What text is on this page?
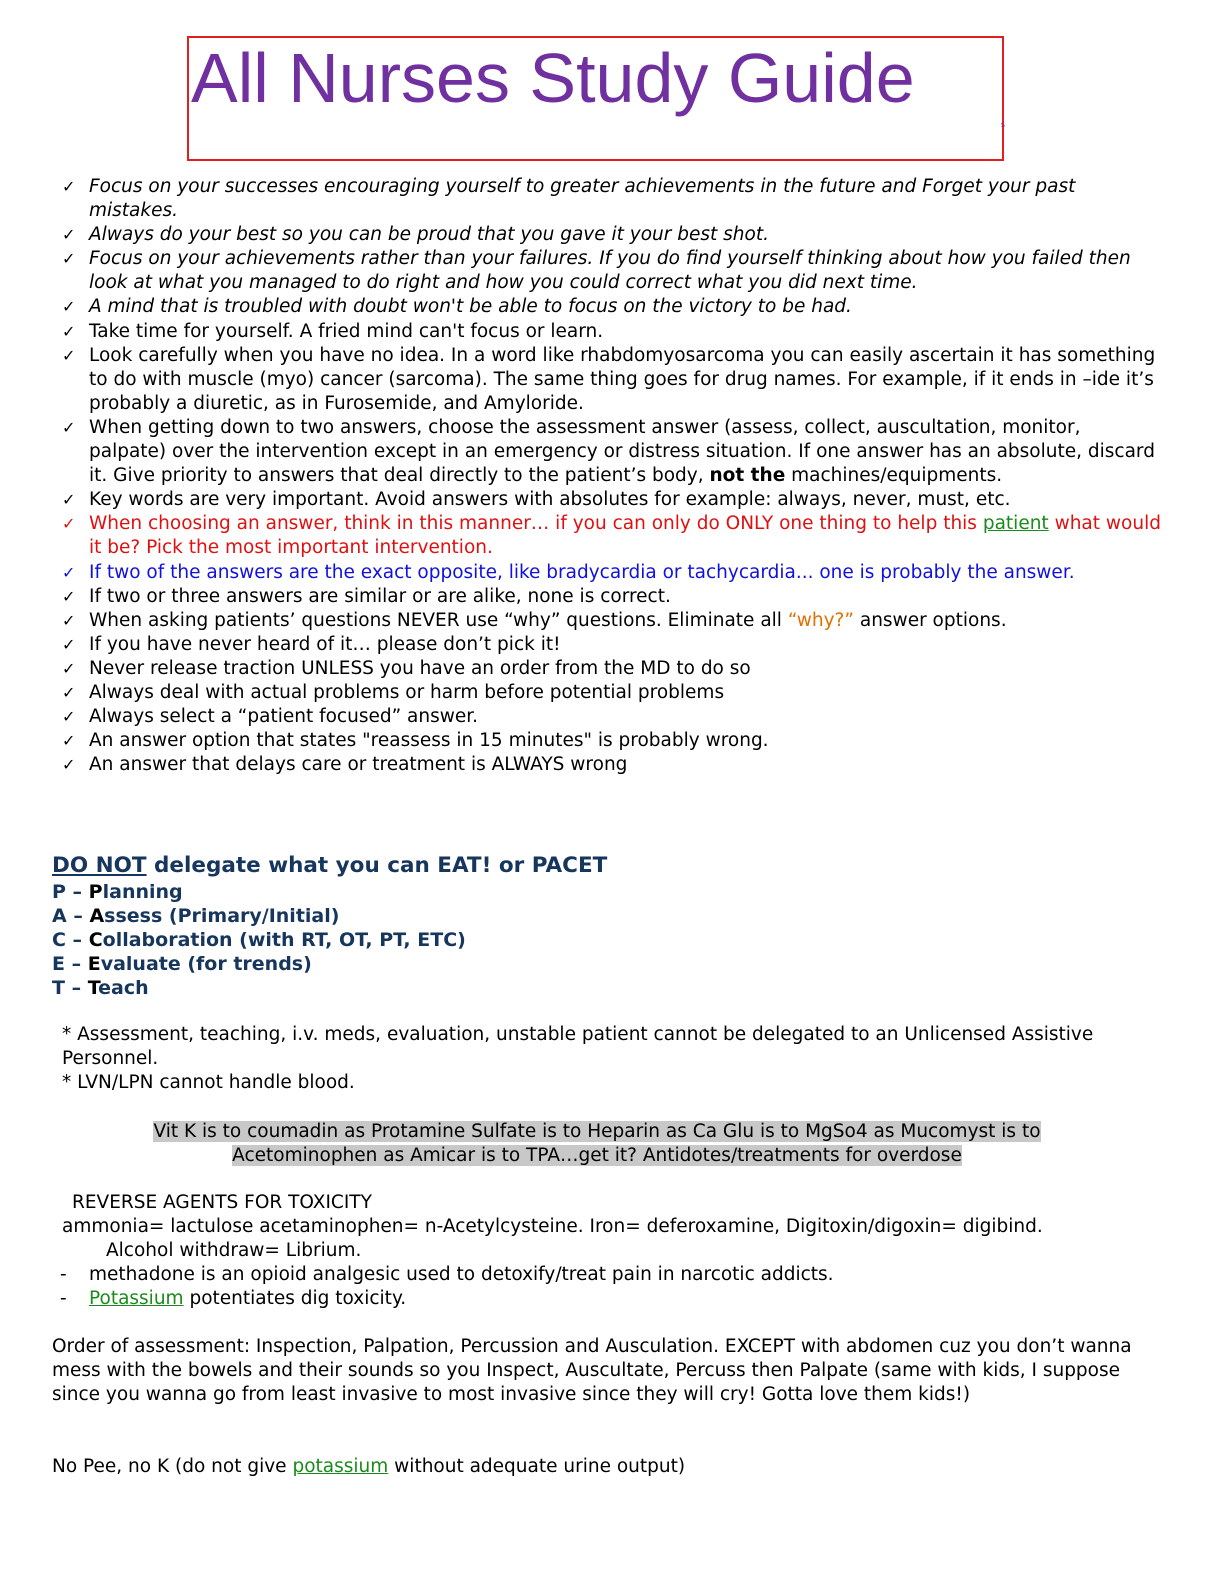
All Nurses Study Guide
s
✓ Focus on your successes encouraging yourself to greater achievements in the future and Forget your past mistakes.
✓ Always do your best so you can be proud that you gave it your best shot.
✓ Focus on your achievements rather than your failures. If you do find yourself thinking about how you failed then look at what you managed to do right and how you could correct what you did next time.
✓ A mind that is troubled with doubt won't be able to focus on the victory to be had.
✓ Take time for yourself. A fried mind can't focus or learn.
✓ Look carefully when you have no idea. In a word like rhabdomyosarcoma you can easily ascertain it has something to do with muscle (myo) cancer (sarcoma). The same thing goes for drug names. For example, if it ends in –ide it’s probably a diuretic, as in Furosemide, and Amyloride.
✓ When getting down to two answers, choose the assessment answer (assess, collect, auscultation, monitor, palpate) over the intervention except in an emergency or distress situation. If one answer has an absolute, discard it. Give priority to answers that deal directly to the patient’s body, not the machines/equipments.
✓ Key words are very important. Avoid answers with absolutes for example: always, never, must, etc.
✓ When choosing an answer, think in this manner… if you can only do ONLY one thing to help this patient what would it be? Pick the most important intervention.
✓ If two of the answers are the exact opposite, like bradycardia or tachycardia... one is probably the answer.
✓ If two or three answers are similar or are alike, none is correct.
✓ When asking patients’ questions NEVER use “why” questions. Eliminate all “why?” answer options.
✓ If you have never heard of it… please don’t pick it!
✓ Never release traction UNLESS you have an order from the MD to do so
✓ Always deal with actual problems or harm before potential problems
✓ Always select a “patient focused” answer.
✓ An answer option that states "reassess in 15 minutes" is probably wrong.
✓ An answer that delays care or treatment is ALWAYS wrong
DO NOT delegate what you can EAT! or PACET
P – Planning
A – Assess (Primary/Initial)
C – Collaboration (with RT, OT, PT, ETC)
E – Evaluate (for trends)
T – Teach
* Assessment, teaching, i.v. meds, evaluation, unstable patient cannot be delegated to an Unlicensed Assistive Personnel.
* LVN/LPN cannot handle blood.
Vit K is to coumadin as Protamine Sulfate is to Heparin as Ca Glu is to MgSo4 as Mucomyst is to
Acetominophen as Amicar is to TPA…get it? Antidotes/treatments for overdose
REVERSE AGENTS FOR TOXICITY
ammonia= lactulose acetaminophen= n-Acetylcysteine. Iron= deferoxamine, Digitoxin/digoxin= digibind.
Alcohol withdraw= Librium.
- methadone is an opioid analgesic used to detoxify/treat pain in narcotic addicts.
- Potassium potentiates dig toxicity.
Order of assessment: Inspection, Palpation, Percussion and Ausculation. EXCEPT with abdomen cuz you don’t wanna mess with the bowels and their sounds so you Inspect, Auscultate, Percuss then Palpate (same with kids, I suppose since you wanna go from least invasive to most invasive since they will cry! Gotta love them kids!)
No Pee, no K (do not give potassium without adequate urine output)
